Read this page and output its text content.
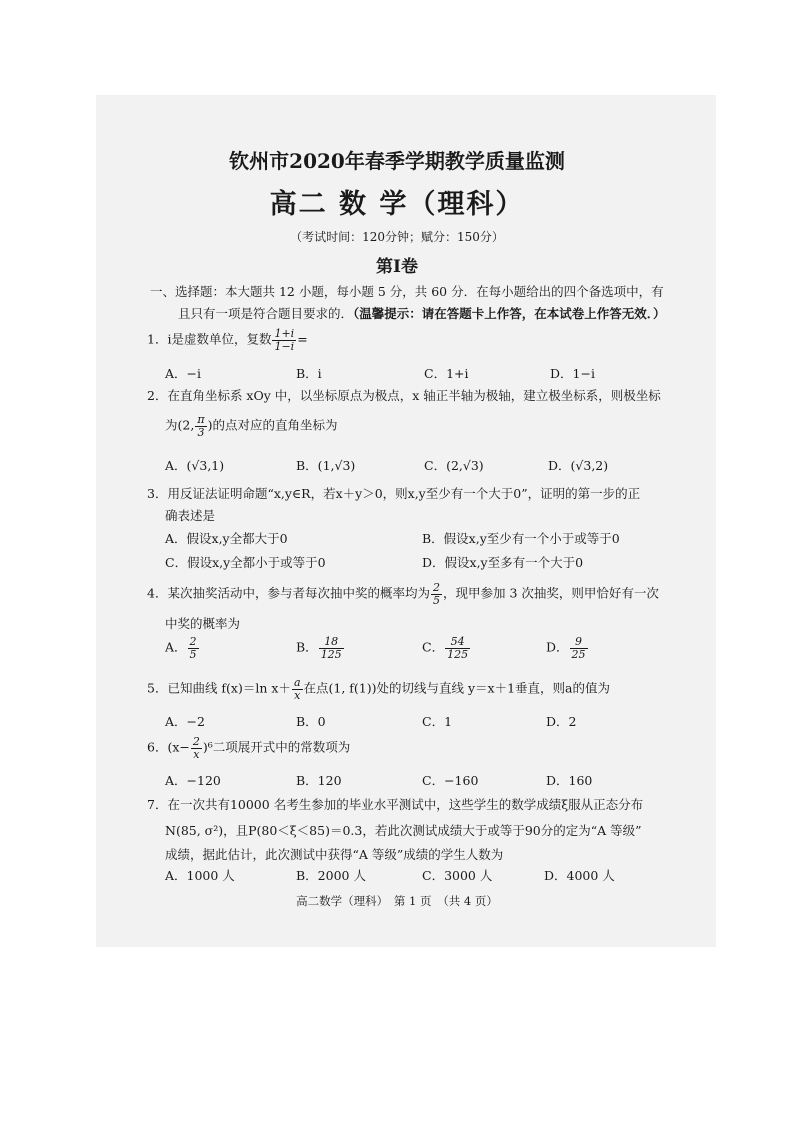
钦州市2020年春季学期教学质量监测
高二 数 学（理科）
（考试时间：120分钟；赋分：150分）
第Ⅰ卷
一、选择题：本大题共 12 小题，每小题 5 分，共 60 分．在每小题给出的四个备选项中，有
且只有一项是符合题目要求的．（温馨提示：请在答题卡上作答，在本试卷上作答无效．）
1．i是虚数单位，复数 $\frac{1+i}{1-i}$ =
A．−i	B．i	C．1+i	D．1−i
2．在直角坐标系 xOy 中，以坐标原点为极点，x 轴正半轴为极轴，建立极坐标系，则极坐标
为(2, $\frac{\pi}{3}$ )的点对应的直角坐标为
A．(√3,1)	B．(1,√3)	C．(2,√3)	D．(√3,2)
3．用反证法证明命题“x,y∈R，若x＋y＞0，则x,y至少有一个大于0”，证明的第一步的正
确表述是
A．假设x,y全都大于0	B．假设x,y至少有一个小于或等于0
C．假设x,y全都小于或等于0	D．假设x,y至多有一个大于0
4．某次抽奖活动中，参与者每次抽中奖的概率均为 $\frac{2}{5}$ ，现甲参加 3 次抽奖，则甲恰好有一次
中奖的概率为
A． $\frac{2}{5}$	B． $\frac{18}{125}$	C． $\frac{54}{125}$	D． $\frac{9}{25}$
5．已知曲线 f(x)＝ln $x+ \frac{a}{x}$ 在点(1, f(1))处的切线与直线 y＝x＋1垂直，则a的值为
A．−2	B．0	C．1	D．2
6．$(x- \frac{2}{x} )^6$二项展开式中的常数项为
A．−120	B．120	C．−160	D．160
7．在一次共有10000 名考生参加的毕业水平测试中，这些学生的数学成绩ξ服从正态分布
N(85, σ²)，且P(80＜ξ＜85)＝0.3，若此次测试成绩大于或等于90分的定为“A 等级”
成绩，据此估计，此次测试中获得“A 等级”成绩的学生人数为
A．1000 人	B．2000 人	C．3000 人	D．4000 人
高二数学（理科）　第 1 页　（共 4 页）
